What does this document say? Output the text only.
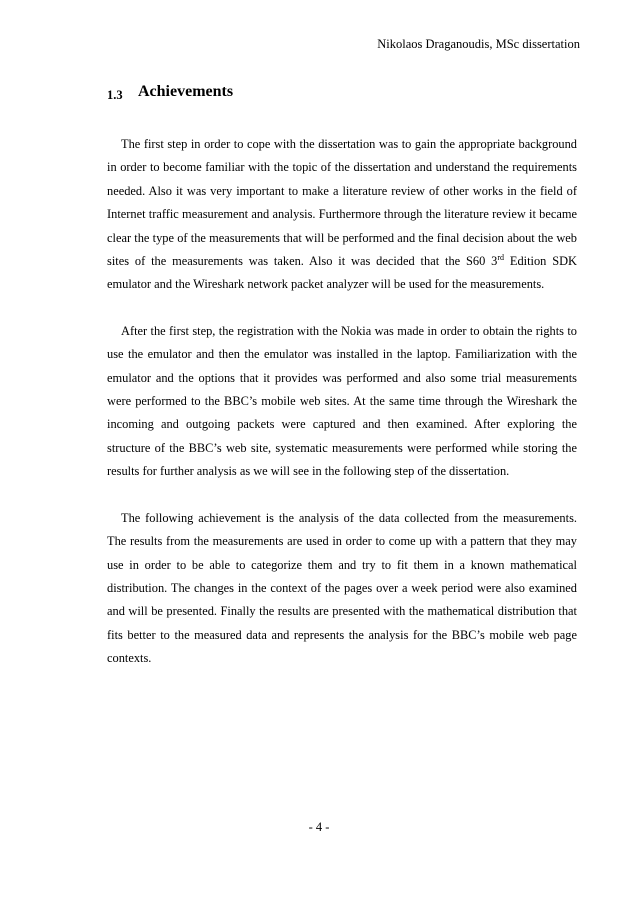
Nikolaos Draganoudis, MSc dissertation
1.3 Achievements

The first step in order to cope with the dissertation was to gain the appropriate background in order to become familiar with the topic of the dissertation and understand the requirements needed. Also it was very important to make a literature review of other works in the field of Internet traffic measurement and analysis. Furthermore through the literature review it became clear the type of the measurements that will be performed and the final decision about the web sites of the measurements was taken. Also it was decided that the S60 3rd Edition SDK emulator and the Wireshark network packet analyzer will be used for the measurements.

After the first step, the registration with the Nokia was made in order to obtain the rights to use the emulator and then the emulator was installed in the laptop. Familiarization with the emulator and the options that it provides was performed and also some trial measurements were performed to the BBC’s mobile web sites. At the same time through the Wireshark the incoming and outgoing packets were captured and then examined. After exploring the structure of the BBC’s web site, systematic measurements were performed while storing the results for further analysis as we will see in the following step of the dissertation.

The following achievement is the analysis of the data collected from the measurements. The results from the measurements are used in order to come up with a pattern that they may use in order to be able to categorize them and try to fit them in a known mathematical distribution. The changes in the context of the pages over a week period were also examined and will be presented. Finally the results are presented with the mathematical distribution that fits better to the measured data and represents the analysis for the BBC’s mobile web page contexts.

- 4 -
